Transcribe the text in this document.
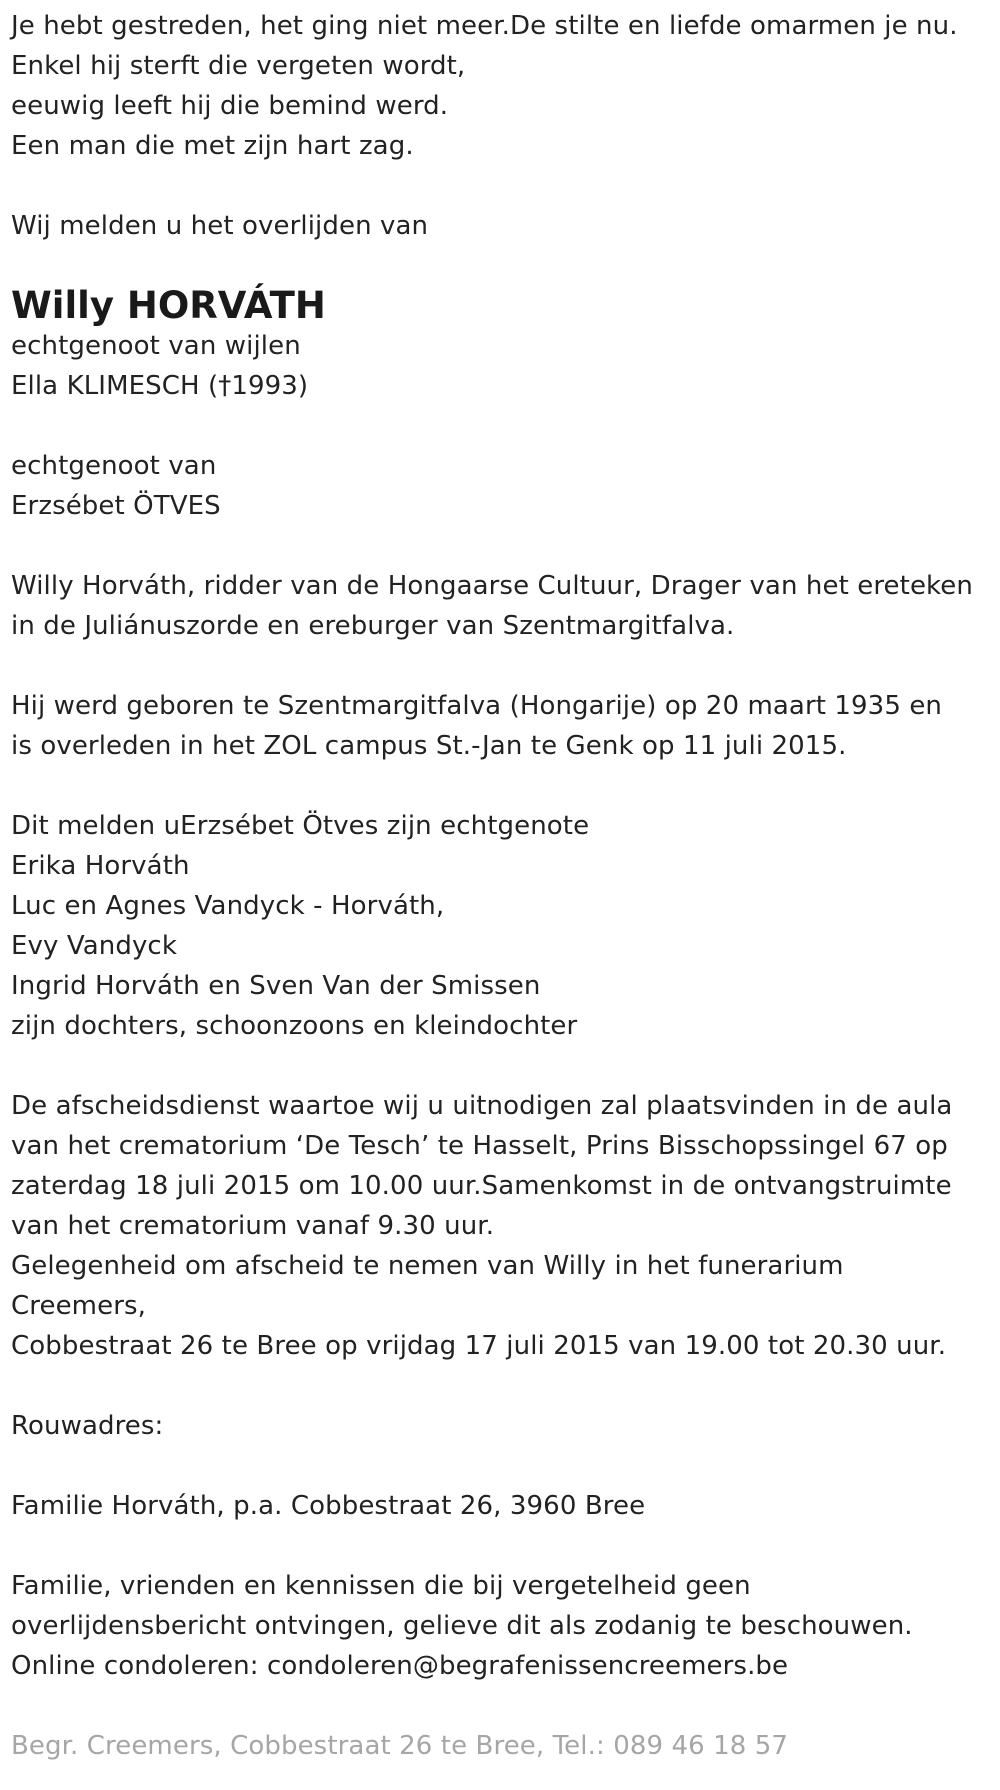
Je hebt gestreden, het ging niet meer.De stilte en liefde omarmen je nu.
Enkel hij sterft die vergeten wordt,
eeuwig leeft hij die bemind werd.
Een man die met zijn hart zag.
Wij melden u het overlijden van
Willy HORVÁTH
echtgenoot van wijlen
Ella KLIMESCH (†1993)
echtgenoot van
Erzsébet ÖTVES
Willy Horváth, ridder van de Hongaarse Cultuur, Drager van het ereteken
in de Juliánuszorde en ereburger van Szentmargitfalva.
Hij werd geboren te Szentmargitfalva (Hongarije) op 20 maart 1935 en
is overleden in het ZOL campus St.-Jan te Genk op 11 juli 2015.
Dit melden uErzsébet Ötves zijn echtgenote
Erika Horváth
Luc en Agnes Vandyck - Horváth,
Evy Vandyck
Ingrid Horváth en Sven Van der Smissen
zijn dochters, schoonzoons en kleindochter
De afscheidsdienst waartoe wij u uitnodigen zal plaatsvinden in de aula
van het crematorium ‘De Tesch’ te Hasselt, Prins Bisschopssingel 67 op
zaterdag 18 juli 2015 om 10.00 uur.Samenkomst in de ontvangstruimte
van het crematorium vanaf 9.30 uur.
Gelegenheid om afscheid te nemen van Willy in het funerarium
Creemers,
Cobbestraat 26 te Bree op vrijdag 17 juli 2015 van 19.00 tot 20.30 uur.
Rouwadres:
Familie Horváth, p.a. Cobbestraat 26, 3960 Bree
Familie, vrienden en kennissen die bij vergetelheid geen
overlijdensbericht ontvingen, gelieve dit als zodanig te beschouwen.
Online condoleren: condoleren@begrafenissencreemers.be
Begr. Creemers, Cobbestraat 26 te Bree, Tel.: 089 46 18 57
